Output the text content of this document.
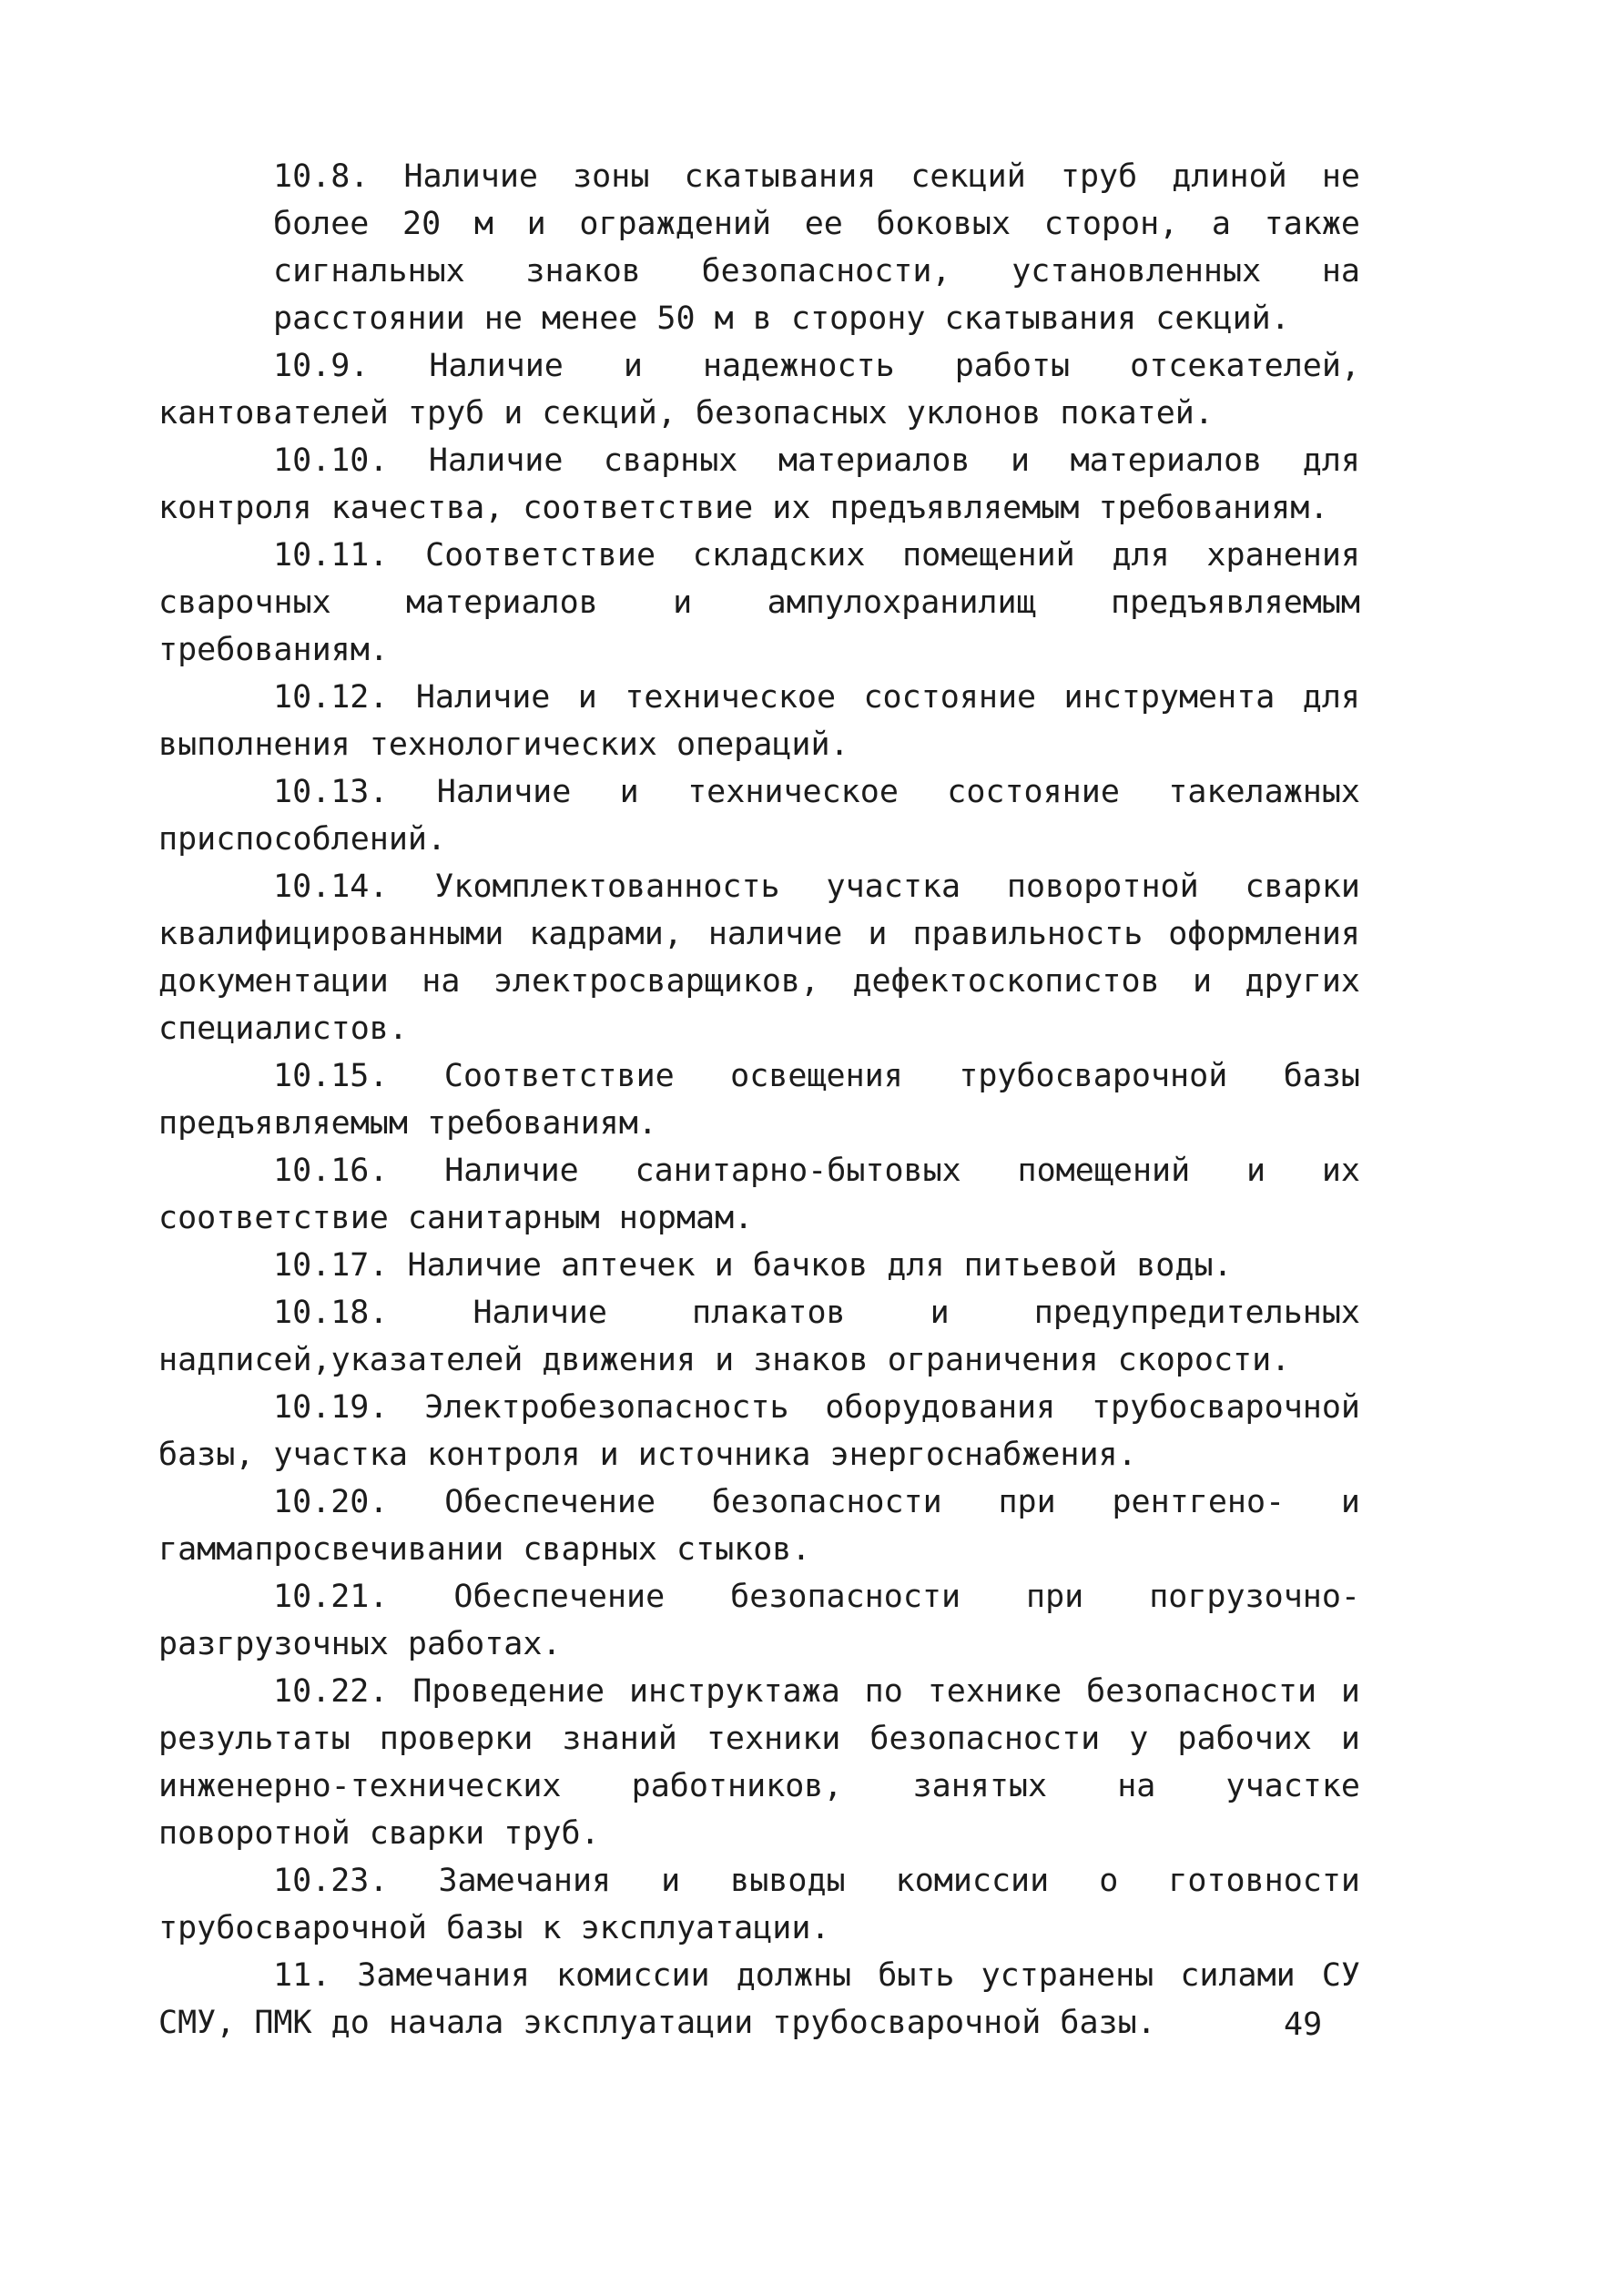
10.8. Наличие зоны скатывания секций труб длиной не более 20 м и ограждений ее боковых сторон, а также сигнальных знаков безопасности, установленных на расстоянии не менее 50 м в сторону скатывания секций.

10.9. Наличие и надежность работы отсекателей, кантователей труб и секций, безопасных уклонов покатей.

10.10. Наличие сварных материалов и материалов для контроля качества, соответствие их предъявляемым требованиям.

10.11. Соответствие складских помещений для хранения сварочных материалов и ампулохранилищ предъявляемым требованиям.

10.12. Наличие и техническое состояние инструмента для выполнения технологических операций.

10.13. Наличие и техническое состояние такелажных приспособлений.

10.14. Укомплектованность участка поворотной сварки квалифицированными кадрами, наличие и правильность оформления документации на электросварщиков, дефектоскопистов и других специалистов.

10.15. Соответствие освещения трубосварочной базы предъявляемым требованиям.

10.16. Наличие санитарно-бытовых помещений и их соответствие санитарным нормам.

10.17. Наличие аптечек и бачков для питьевой воды.

10.18. Наличие плакатов и предупредительных надписей,указателей движения и знаков ограничения скорости.

10.19. Электробезопасность оборудования трубосварочной базы, участка контроля и источника энергоснабжения.

10.20. Обеспечение безопасности при рентгено- и гаммапросвечивании сварных стыков.

10.21. Обеспечение безопасности при погрузочно-разгрузочных работах.

10.22. Проведение инструктажа по технике безопасности и результаты проверки знаний техники безопасности у рабочих и инженерно-технических работников, занятых на участке поворотной сварки труб.

10.23. Замечания и выводы комиссии о готовности трубосварочной базы к эксплуатации.

11. Замечания комиссии должны быть устранены силами СУ СМУ, ПМК до начала эксплуатации трубосварочной базы.	49
